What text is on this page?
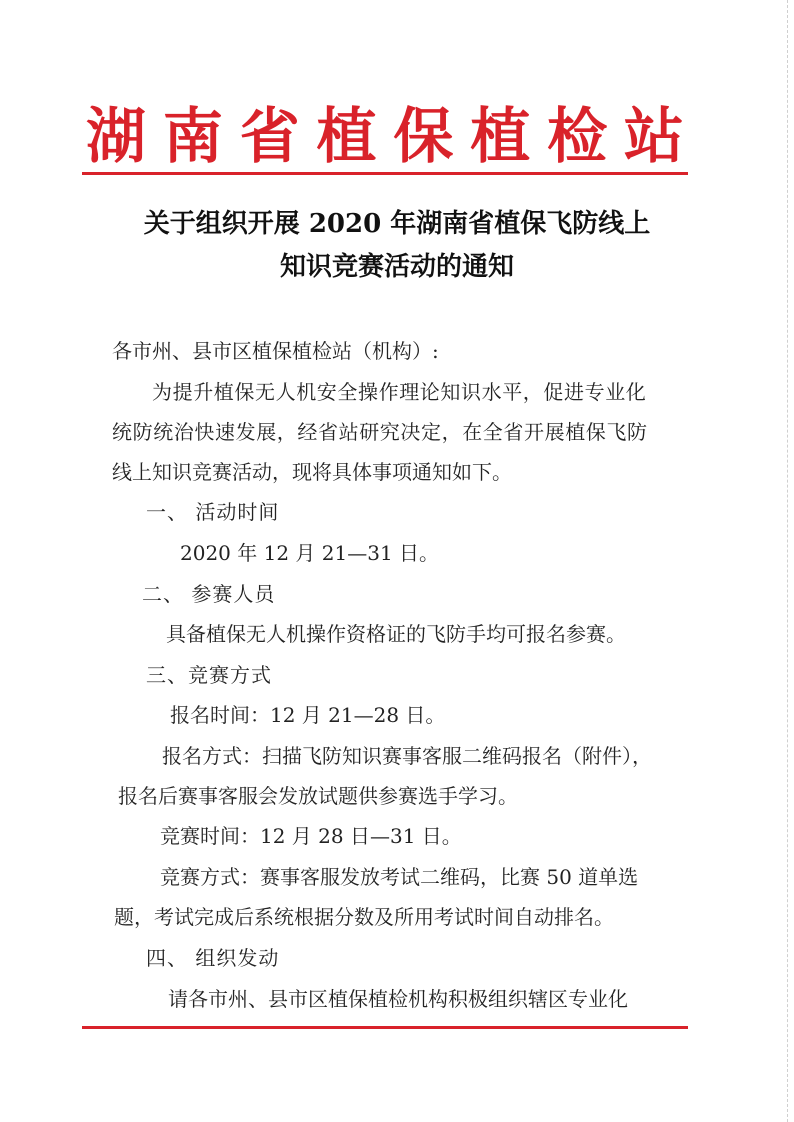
湖 南 省 植 保 植 检 站
关于组织开展 2020 年湖南省植保飞防线上
知识竞赛活动的通知
各市州、县市区植保植检站（机构）:
为提升植保无人机安全操作理论知识水平，促进专业化
统防统治快速发展，经省站研究决定，在全省开展植保飞防
线上知识竞赛活动，现将具体事项通知如下。
一、 活动时间
2020 年 12 月 21—31 日。
二、 参赛人员
具备植保无人机操作资格证的飞防手均可报名参赛。
三、竞赛方式
报名时间：12 月 21—28 日。
报名方式：扫描飞防知识赛事客服二维码报名（附件），
报名后赛事客服会发放试题供参赛选手学习。
竞赛时间：12 月 28 日—31 日。
竞赛方式：赛事客服发放考试二维码，比赛 50 道单选
题，考试完成后系统根据分数及所用考试时间自动排名。
四、 组织发动
请各市州、县市区植保植检机构积极组织辖区专业化
